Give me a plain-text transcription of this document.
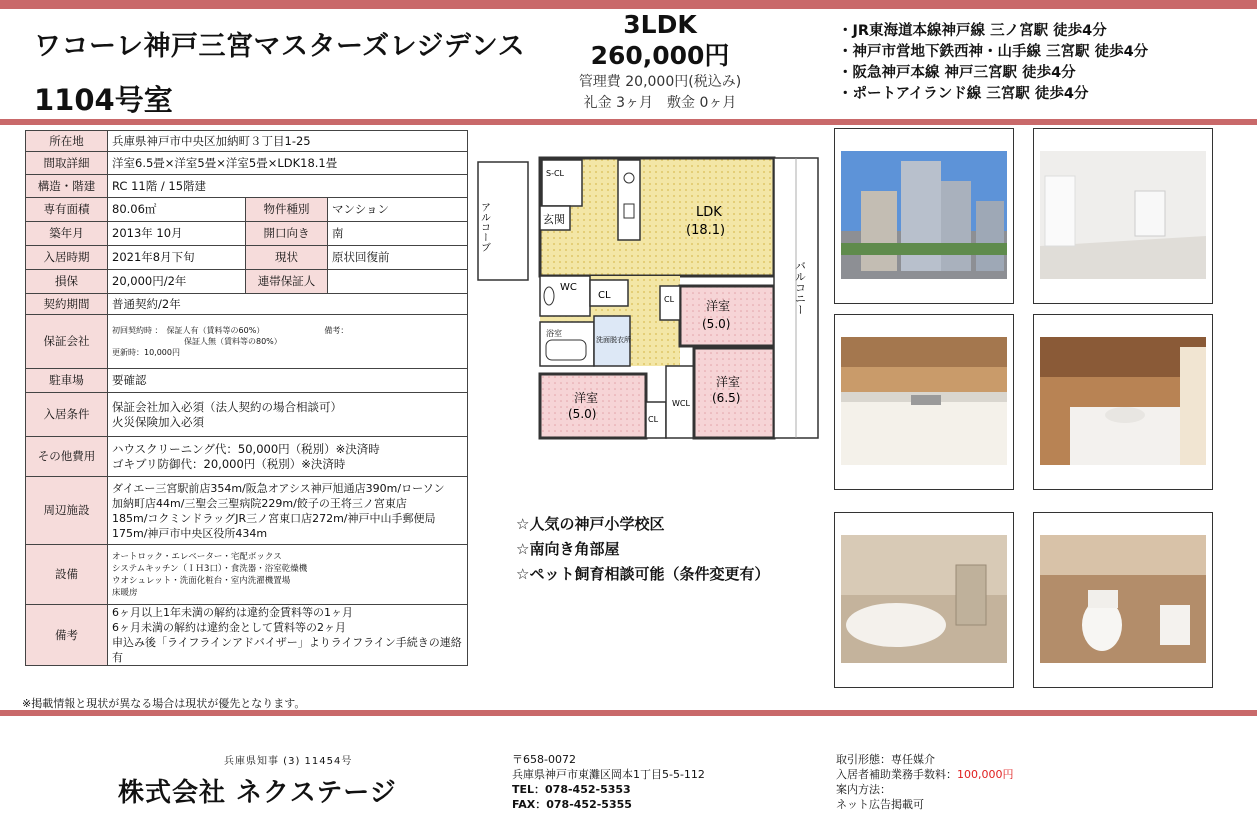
ワコーレ神戸三宮マスターズレジデンス
1104号室
3LDK
260,000円
管理費 20,000円(税込み)
礼金 3ヶ月　敷金 0ヶ月
・JR東海道本線神戸線 三ノ宮駅 徒歩4分
・神戸市営地下鉄西神・山手線 三宮駅 徒歩4分
・阪急神戸本線 神戸三宮駅 徒歩4分
・ポートアイランド線 三宮駅 徒歩4分
所在地	兵庫県神戸市中央区加納町３丁目1-25		
間取詳細	洋室6.5畳×洋室5畳×洋室5畳×LDK18.1畳		
構造・階建	RC 11階 / 15階建		
専有面積	80.06㎡	物件種別	マンション
築年月	2013年 10月	開口向き	南
入居時期	2021年8月下旬	現状	原状回復前
損保	20,000円/2年	連帯保証人	
契約期間	普通契約/2年		
保証会社	初回契約時 ：　保証人有（賃料等の60%）　　　　　　　　備考：
　　　　　　　　　保証人無（賃料等の80%）
更新時：10,000円		

駐車場	要確認		
入居条件	保証会社加入必須（法人契約の場合相談可）
火災保険加入必須		

その他費用	ハウスクリーニング代：50,000円（税別）※決済時
ゴキブリ防御代：20,000円（税別）※決済時		

周辺施設	ダイエー三宮駅前店354m/阪急オアシス神戸旭通店390m/ローソン
加納町店44m/三聖会三聖病院229m/餃子の王将三ノ宮東店
185m/コクミンドラッグJR三ノ宮東口店272m/神戸中山手郵便局
175m/神戸市中央区役所434m		

設備	オートロック・エレベーター・宅配ボックス
システムキッチン（ＩＨ3口）・食洗器・浴室乾燥機
ウオシュレット・洗面化粧台・室内洗濯機置場
床暖房		

備考	6ヶ月以上1年未満の解約は違約金賃料等の1ヶ月
6ヶ月未満の解約は違約金として賃料等の2ヶ月
申込み後「ライフラインアドバイザー」よりライフライン手続きの連絡有		
※掲載情報と現状が異なる場合は現状が優先となります。
アルコーブ
S-CL
玄関	LDK
(18.1)
WC
CL
浴室
洗面脱衣所
CL	洋室
(5.0)
洋室
(5.0)	CL
WCL
洋室
(6.5)
バルコニー
☆人気の神戸小学校区
☆南向き角部屋
☆ペット飼育相談可能（条件変更有）
兵庫県知事 (3) 11454号
株式会社 ネクステージ
〒658-0072
兵庫県神戸市東灘区岡本1丁目5-5-112
TEL：078-452-5353
FAX：078-452-5355
取引形態：専任媒介
入居者補助業務手数料：100,000円
案内方法：
ネット広告掲載可
